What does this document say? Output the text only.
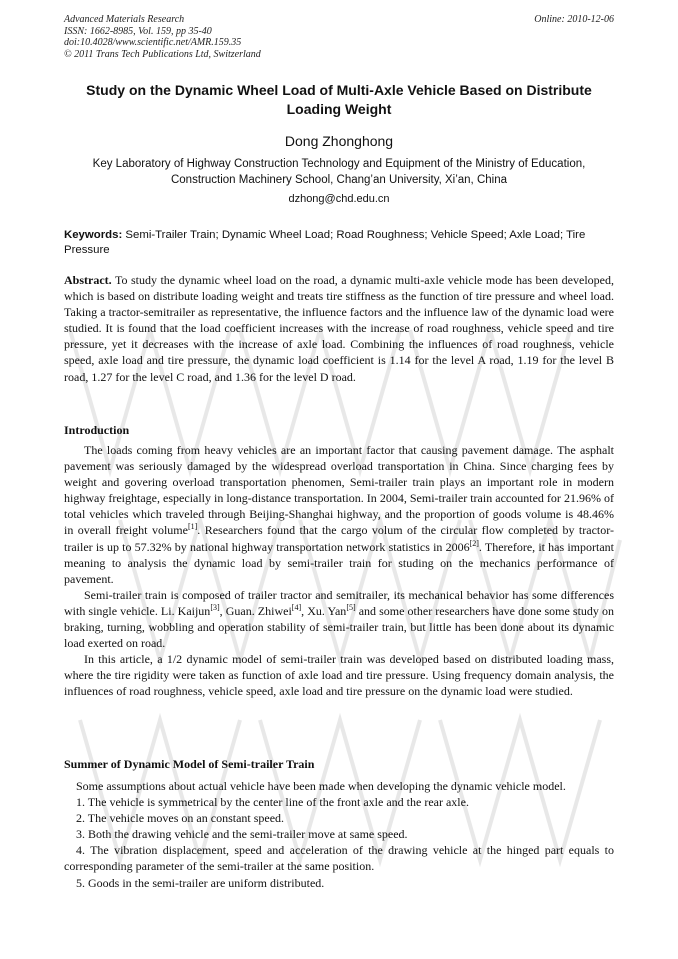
Advanced Materials Research
ISSN: 1662-8985, Vol. 159, pp 35-40
doi:10.4028/www.scientific.net/AMR.159.35
© 2011 Trans Tech Publications Ltd, Switzerland
Online: 2010-12-06
Study on the Dynamic Wheel Load of Multi-Axle Vehicle Based on Distribute Loading Weight
Dong Zhonghong
Key Laboratory of Highway Construction Technology and Equipment of the Ministry of Education,
Construction Machinery School, Chang’an University, Xi’an, China
dzhong@chd.edu.cn
Keywords: Semi-Trailer Train; Dynamic Wheel Load; Road Roughness; Vehicle Speed; Axle Load; Tire Pressure
Abstract. To study the dynamic wheel load on the road, a dynamic multi-axle vehicle mode has been developed, which is based on distribute loading weight and treats tire stiffness as the function of tire pressure and wheel load. Taking a tractor-semitrailer as representative, the influence factors and the influence law of the dynamic load were studied. It is found that the load coefficient increases with the increase of road roughness, vehicle speed and tire pressure, yet it decreases with the increase of axle load. Combining the influences of road roughness, vehicle speed, axle load and tire pressure, the dynamic load coefficient is 1.14 for the level A road, 1.19 for the level B road, 1.27 for the level C road, and 1.36 for the level D road.
Introduction

The loads coming from heavy vehicles are an important factor that causing pavement damage. The asphalt pavement was seriously damaged by the widespread overload transportation in China. Since charging fees by weight and govering overload transportation phenomen, Semi-trailer train plays an important role in modern highway freightage, especially in long-distance transportation. In 2004, Semi-trailer train accounted for 21.96% of total vehicles which traveled through Beijing-Shanghai highway, and the proportion of goods volume is 48.46% in overall freight volume[1]. Researchers found that the cargo volum of the circular flow completed by tractor-trailer is up to 57.32% by national highway transportation network statistics in 2006[2]. Therefore, it has important meaning to analysis the dynamic load by semi-trailer train for studing on the mechanics performance of pavement.

Semi-trailer train is composed of trailer tractor and semitrailer, its mechanical behavior has some differences with single vehicle. Li. Kaijun[3], Guan. Zhiwei[4], Xu. Yan[5] and some other researchers have done some study on braking, turning, wobbling and operation stability of semi-trailer train, but little has been done about its dynamic load exerted on road.

In this article, a 1/2 dynamic model of semi-trailer train was developed based on distributed loading mass, where the tire rigidity were taken as function of axle load and tire pressure. Using frequency domain analysis, the influences of road roughness, vehicle speed, axle load and tire pressure on the dynamic load were studied.

Summer of Dynamic Model of Semi-trailer Train

Some assumptions about actual vehicle have been made when developing the dynamic vehicle model.

1. The vehicle is symmetrical by the center line of the front axle and the rear axle.

2. The vehicle moves on an constant speed.

3. Both the drawing vehicle and the semi-trailer move at same speed.

4. The vibration displacement, speed and acceleration of the drawing vehicle at the hinged part equals to corresponding parameter of the semi-trailer at the same position.

5. Goods in the semi-trailer are uniform distributed.
